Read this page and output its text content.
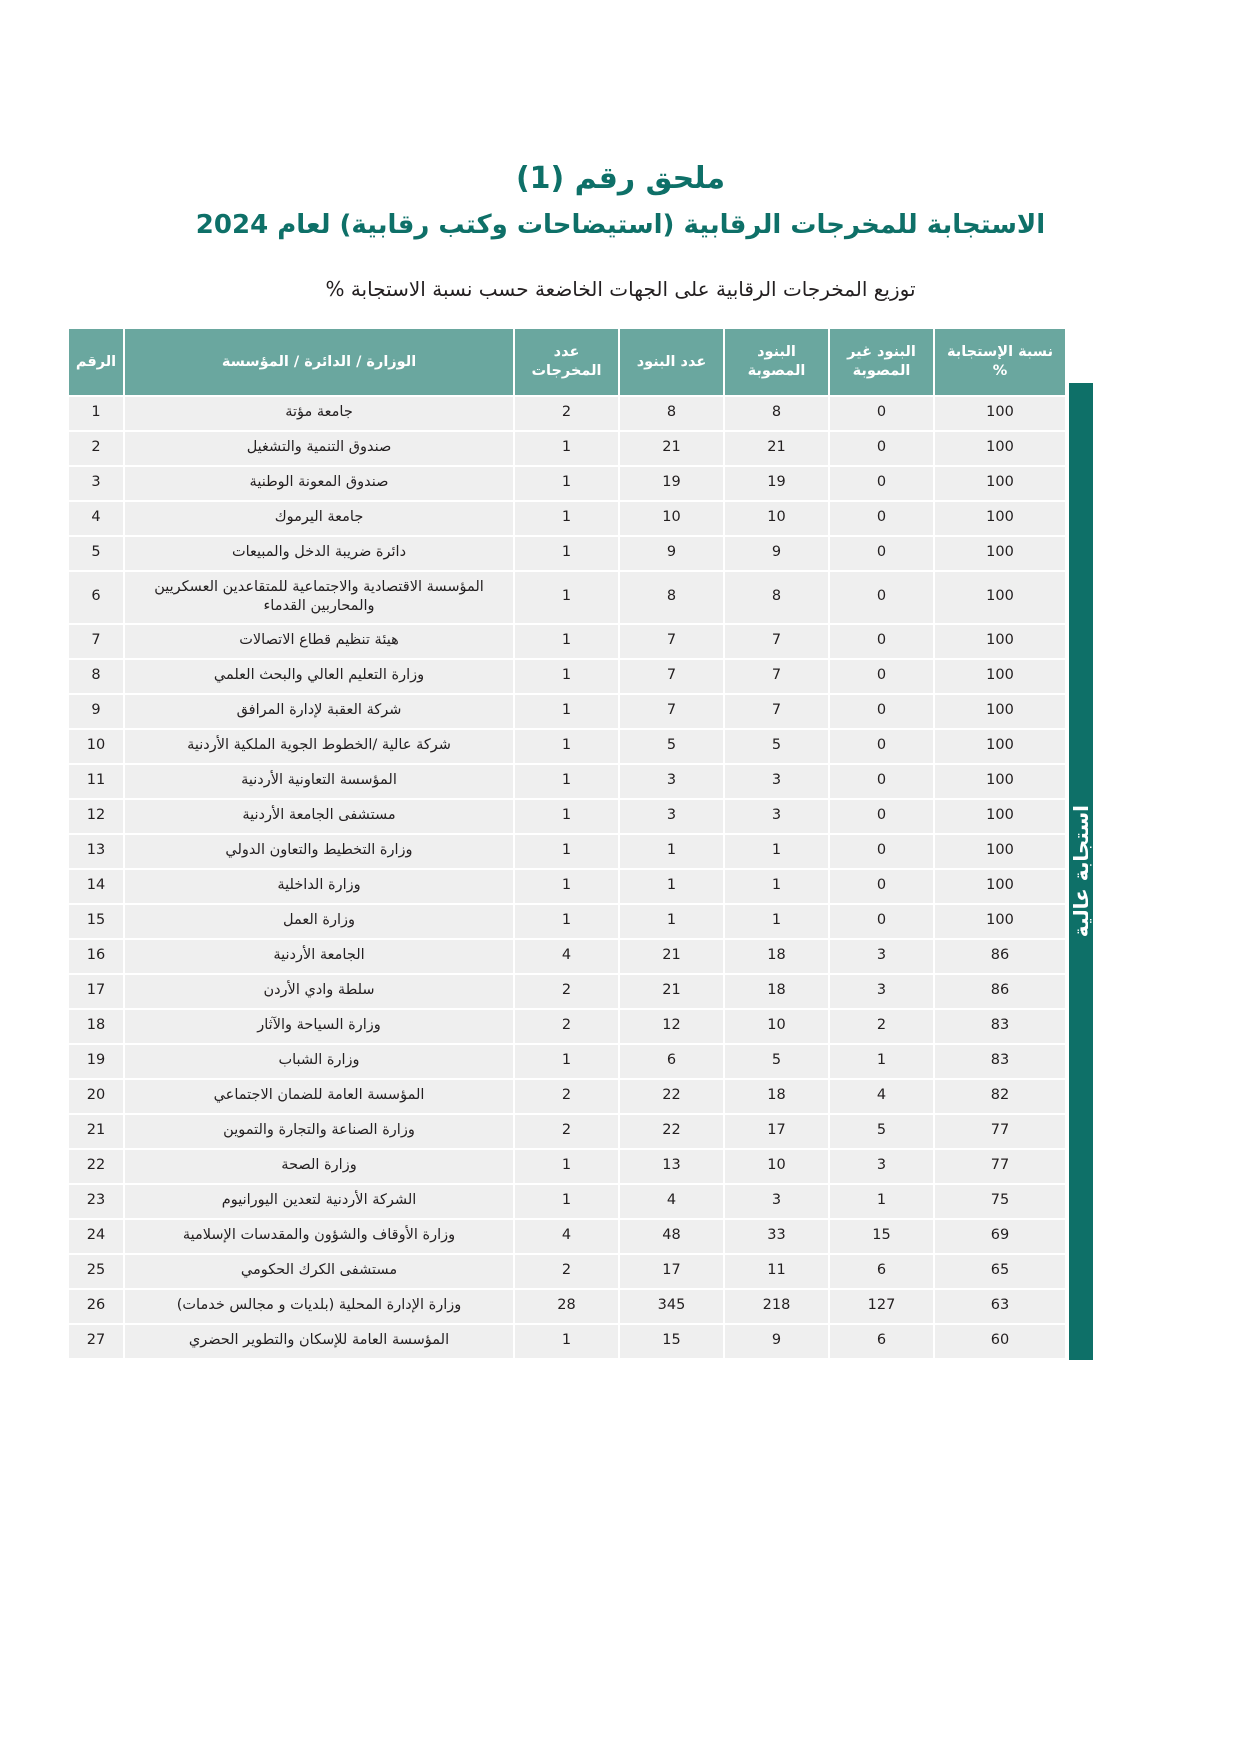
ملحق رقم (1)
الاستجابة للمخرجات الرقابية (استيضاحات وكتب رقابية) لعام 2024
توزيع المخرجات الرقابية على الجهات الخاضعة حسب نسبة الاستجابة %
استجابة عالية
نسبة الإستجابة %	البنود غير المصوبة	البنود المصوبة	عدد البنود	عدد المخرجات	الوزارة / الدائرة / المؤسسة	الرقم
100	0	8	8	2	جامعة مؤتة	1
100	0	21	21	1	صندوق التنمية والتشغيل	2
100	0	19	19	1	صندوق المعونة الوطنية	3
100	0	10	10	1	جامعة اليرموك	4
100	0	9	9	1	دائرة ضريبة الدخل والمبيعات	5
100	0	8	8	1	المؤسسة الاقتصادية والاجتماعية للمتقاعدين العسكريين والمحاربين القدماء	6
100	0	7	7	1	هيئة تنظيم قطاع الاتصالات	7
100	0	7	7	1	وزارة التعليم العالي والبحث العلمي	8
100	0	7	7	1	شركة العقبة لإدارة المرافق	9
100	0	5	5	1	شركة عالية /الخطوط الجوية الملكية الأردنية	10
100	0	3	3	1	المؤسسة التعاونية الأردنية	11
100	0	3	3	1	مستشفى الجامعة الأردنية	12
100	0	1	1	1	وزارة التخطيط والتعاون الدولي	13
100	0	1	1	1	وزارة الداخلية	14
100	0	1	1	1	وزارة العمل	15
86	3	18	21	4	الجامعة الأردنية	16
86	3	18	21	2	سلطة وادي الأردن	17
83	2	10	12	2	وزارة السياحة والآثار	18
83	1	5	6	1	وزارة الشباب	19
82	4	18	22	2	المؤسسة العامة للضمان الاجتماعي	20
77	5	17	22	2	وزارة الصناعة والتجارة والتموين	21
77	3	10	13	1	وزارة الصحة	22
75	1	3	4	1	الشركة الأردنية لتعدين اليورانيوم	23
69	15	33	48	4	وزارة الأوقاف والشؤون والمقدسات الإسلامية	24
65	6	11	17	2	مستشفى الكرك الحكومي	25
63	127	218	345	28	وزارة الإدارة المحلية (بلديات و مجالس خدمات)	26
60	6	9	15	1	المؤسسة العامة للإسكان والتطوير الحضري	27
